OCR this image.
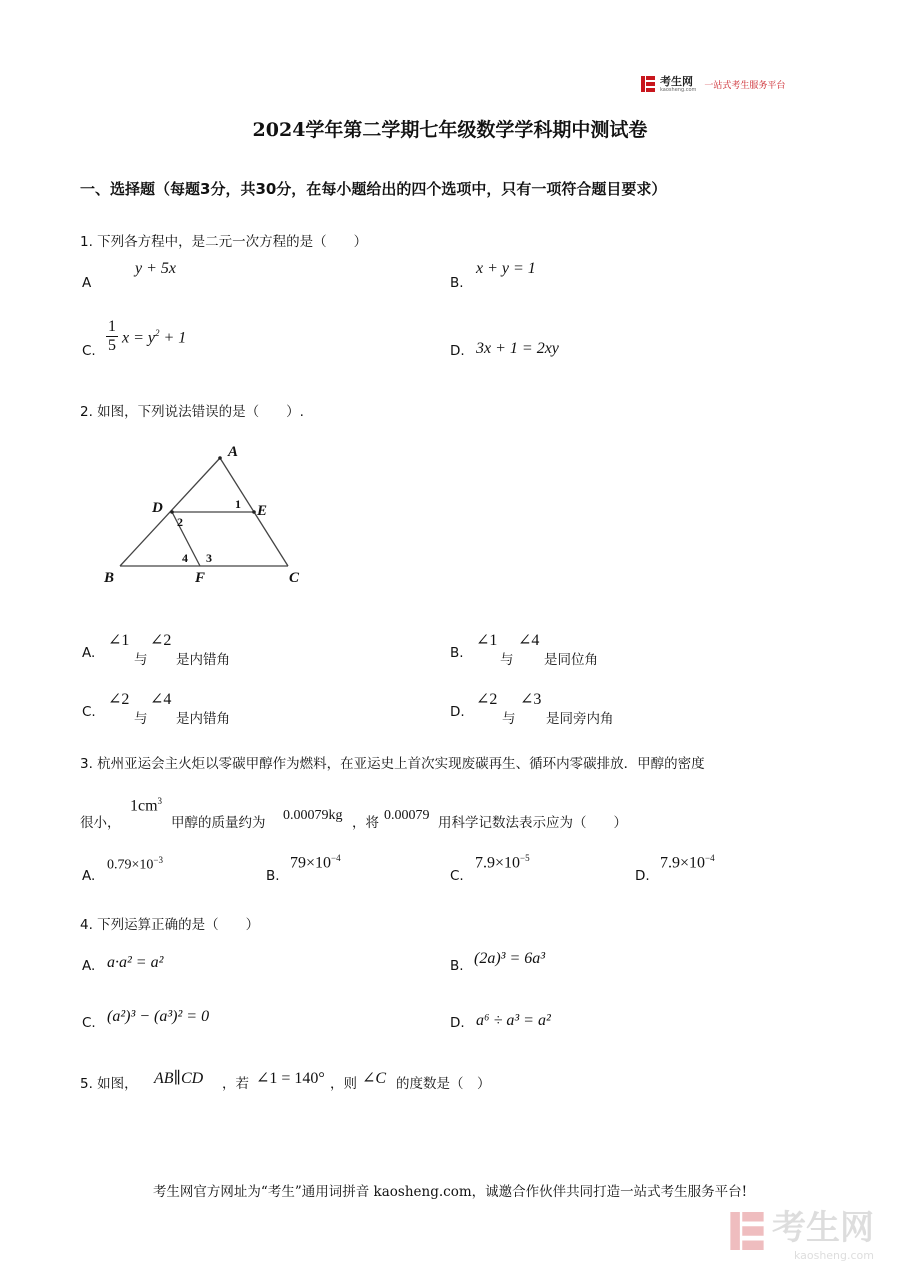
考生网
kaosheng.com 一站式考生服务平台
2024学年第二学期七年级数学学科期中测试卷
一、选择题（每题3分，共30分，在每小题给出的四个选项中，只有一项符合题目要求）
1. 下列各方程中，是二元一次方程的是（　　）
A
y + 5x
B.
x + y = 1
C. $\frac{1}{5}$ $x = y^2 + 1$
D. 3x + 1 = 2xy
2. 如图，下列说法错误的是（　　）.
A
D	E
B	F	C
1
2
3
4
A.
∠1
与
∠2
是内错角	B.
∠1
与
∠4
是同位角
C.
∠2
与
∠4
是内错角	D.
∠2
与
∠3
是同旁内角
3. 杭州亚运会主火炬以零碳甲醇作为燃料，在亚运史上首次实现废碳再生、循环内零碳排放．甲醇的密度
很小，
$1cm^3$
甲醇的质量约为 0.00079kg ，将 0.00079 用科学记数法表示应为（　　）
A.
$0.79\times 10^{-3}$
B.
$79\times 10^{-4}$
C.
$7.9\times 10^{-5}$
D.
$7.9\times 10^{-4}$
4. 下列运算正确的是（　　）
A. a·a² = a²	B. (2a)³ = 6a³
C. (a²)³ − (a³)² = 0	D. a⁶ ÷ a³ = a²
5. 如图， AB∥CD ，若 ∠1 = 140° ，则 ∠C 的度数是（　）
考生网官方网址为“考生”通用词拼音 kaosheng.com，诚邀合作伙伴共同打造一站式考生服务平台!
考生网
kaosheng.com
